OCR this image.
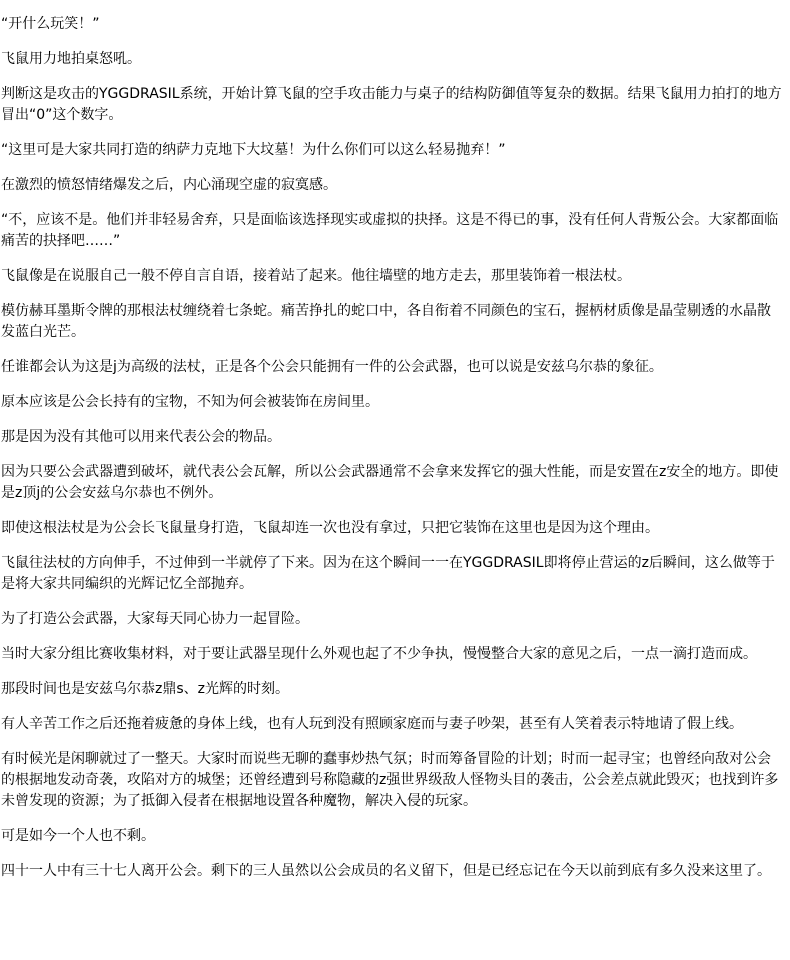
“开什么玩笑！”

飞鼠用力地拍桌怒吼。

判断这是攻击的YGGDRASIL系统，开始计算飞鼠的空手攻击能力与桌子的结构防御值等复杂的数据。结果飞鼠用力拍打的地方冒出“0”这个数字。

“这里可是大家共同打造的纳萨力克地下大坟墓！为什么你们可以这么轻易抛弃！”

在激烈的愤怒情绪爆发之后，内心涌现空虚的寂寞感。

“不，应该不是。他们并非轻易舍弃，只是面临该选择现实或虚拟的抉择。这是不得已的事，没有任何人背叛公会。大家都面临痛苦的抉择吧……”

飞鼠像是在说服自己一般不停自言自语，接着站了起来。他往墙壁的地方走去，那里装饰着一根法杖。

模仿赫耳墨斯令牌的那根法杖缠绕着七条蛇。痛苦挣扎的蛇口中，各自衔着不同颜色的宝石，握柄材质像是晶莹剔透的水晶散发蓝白光芒。

任谁都会认为这是j为高级的法杖，正是各个公会只能拥有一件的公会武器，也可以说是安兹乌尔恭的象征。

原本应该是公会长持有的宝物，不知为何会被装饰在房间里。

那是因为没有其他可以用来代表公会的物品。

因为只要公会武器遭到破坏，就代表公会瓦解，所以公会武器通常不会拿来发挥它的强大性能，而是安置在z安全的地方。即使是z顶j的公会安兹乌尔恭也不例外。

即使这根法杖是为公会长飞鼠量身打造，飞鼠却连一次也没有拿过，只把它装饰在这里也是因为这个理由。

飞鼠往法杖的方向伸手，不过伸到一半就停了下来。因为在这个瞬间一一在YGGDRASIL即将停止营运的z后瞬间，这么做等于是将大家共同编织的光辉记忆全部抛弃。

为了打造公会武器，大家每天同心协力一起冒险。

当时大家分组比赛收集材料，对于要让武器呈现什么外观也起了不少争执，慢慢整合大家的意见之后，一点一滴打造而成。

那段时间也是安兹乌尔恭z鼎s、z光辉的时刻。

有人辛苦工作之后还拖着疲惫的身体上线，也有人玩到没有照顾家庭而与妻子吵架，甚至有人笑着表示特地请了假上线。

有时候光是闲聊就过了一整天。大家时而说些无聊的蠢事炒热气氛；时而筹备冒险的计划；时而一起寻宝；也曾经向敌对公会的根据地发动奇袭，攻陷对方的城堡；还曾经遭到号称隐藏的z强世界级敌人怪物头目的袭击，公会差点就此毁灭；也找到许多未曾发现的资源；为了抵御入侵者在根据地设置各种魔物，解决入侵的玩家。

可是如今一个人也不剩。

四十一人中有三十七人离开公会。剩下的三人虽然以公会成员的名义留下，但是已经忘记在今天以前到底有多久没来这里了。
